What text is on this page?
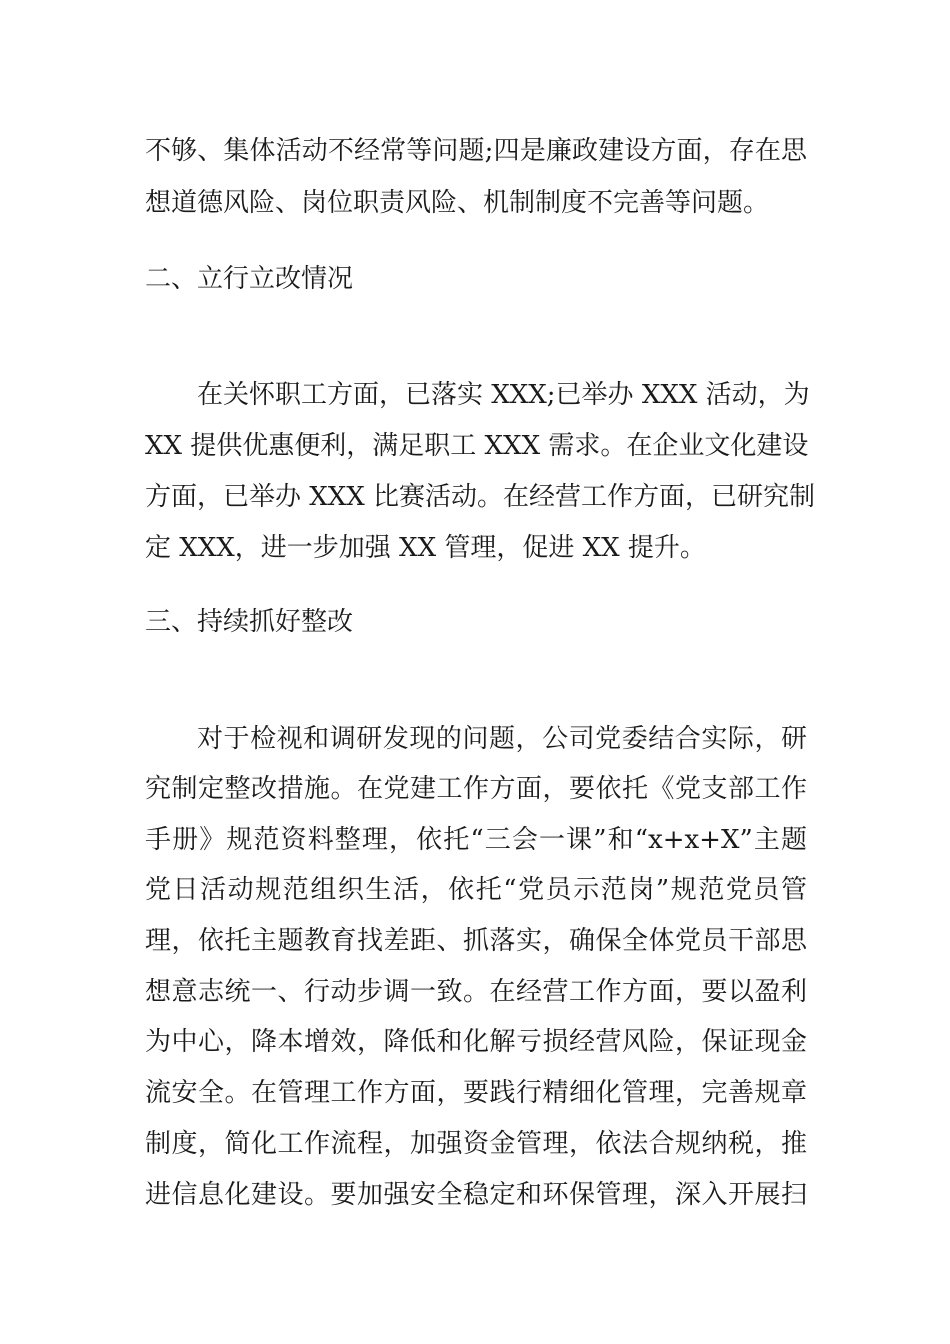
不够、集体活动不经常等问题;四是廉政建设方面，存在思
想道德风险、岗位职责风险、机制制度不完善等问题。
二、立行立改情况
在关怀职工方面，已落实 XXX;已举办 XXX 活动，为
XX 提供优惠便利，满足职工 XXX 需求。在企业文化建设
方面，已举办 XXX 比赛活动。在经营工作方面，已研究制
定 XXX，进一步加强 XX 管理，促进 XX 提升。
三、持续抓好整改
对于检视和调研发现的问题，公司党委结合实际，研
究制定整改措施。在党建工作方面，要依托《党支部工作
手册》规范资料整理，依托“三会一课”和“x+x+X”主题
党日活动规范组织生活，依托“党员示范岗”规范党员管
理，依托主题教育找差距、抓落实，确保全体党员干部思
想意志统一、行动步调一致。在经营工作方面，要以盈利
为中心，降本增效，降低和化解亏损经营风险，保证现金
流安全。在管理工作方面，要践行精细化管理，完善规章
制度，简化工作流程，加强资金管理，依法合规纳税，推
进信息化建设。要加强安全稳定和环保管理，深入开展扫
